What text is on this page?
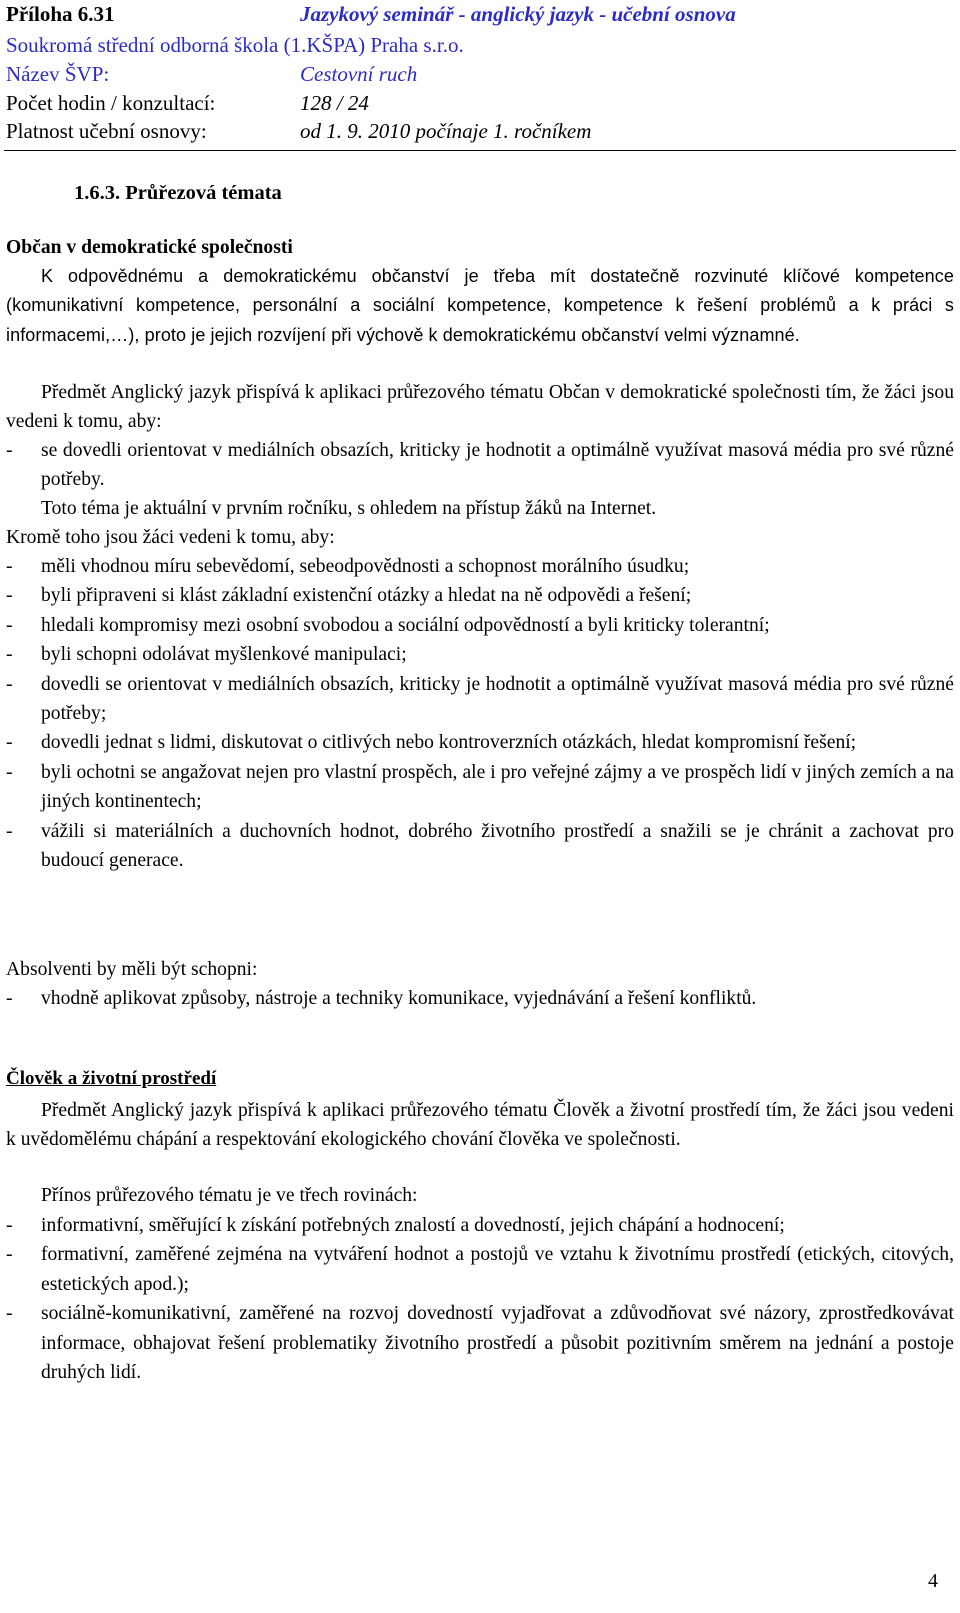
Příloha 6.31	Jazykový seminář - anglický jazyk - učební osnova
Soukromá střední odborná škola (1.KŠPA) Praha s.r.o.
Název ŠVP:	Cestovní ruch
Počet hodin / konzultací:	128 / 24
Platnost učební osnovy:	od 1. 9. 2010 počínaje 1. ročníkem
1.6.3. Průřezová témata
Občan v demokratické společnosti
K odpovědnému a demokratickému občanství je třeba mít dostatečně rozvinuté klíčové kompetence (komunikativní kompetence, personální a sociální kompetence, kompetence k řešení problémů a k práci s informacemi,…), proto je jejich rozvíjení při výchově k demokratickému občanství velmi významné.
Předmět Anglický jazyk přispívá k aplikaci průřezového tématu Občan v demokratické společnosti tím, že žáci jsou vedeni k tomu, aby:
- se dovedli orientovat v mediálních obsazích, kriticky je hodnotit a optimálně využívat masová média pro své různé potřeby.
Toto téma je aktuální v prvním ročníku, s ohledem na přístup žáků na Internet.
Kromě toho jsou žáci vedeni k tomu, aby:
- měli vhodnou míru sebevědomí, sebeodpovědnosti a schopnost morálního úsudku;
- byli připraveni si klást základní existenční otázky a hledat na ně odpovědi a řešení;
- hledali kompromisy mezi osobní svobodou a sociální odpovědností a byli kriticky tolerantní;
- byli schopni odolávat myšlenkové manipulaci;
- dovedli se orientovat v mediálních obsazích, kriticky je hodnotit a optimálně využívat masová média pro své různé potřeby;
- dovedli jednat s lidmi, diskutovat o citlivých nebo kontroverzních otázkách, hledat kompromisní řešení;
- byli ochotni se angažovat nejen pro vlastní prospěch, ale i pro veřejné zájmy a ve prospěch lidí v jiných zemích a na jiných kontinentech;
- vážili si materiálních a duchovních hodnot, dobrého životního prostředí a snažili se je chránit a zachovat pro budoucí generace.
Absolventi by měli být schopni:
- vhodně aplikovat způsoby, nástroje a techniky komunikace, vyjednávání a řešení konfliktů.
Člověk a životní prostředí
Předmět Anglický jazyk přispívá k aplikaci průřezového tématu Člověk a životní prostředí tím, že žáci jsou vedeni k uvědomělému chápání a respektování ekologického chování člověka ve společnosti.
Přínos průřezového tématu je ve třech rovinách:
- informativní, směřující k získání potřebných znalostí a dovedností, jejich chápání a hodnocení;
- formativní, zaměřené zejména na vytváření hodnot a postojů ve vztahu k životnímu prostředí (etických, citových, estetických apod.);
- sociálně-komunikativní, zaměřené na rozvoj dovedností vyjadřovat a zdůvodňovat své názory, zprostředkovávat informace, obhajovat řešení problematiky životního prostředí a působit pozitivním směrem na jednání a postoje druhých lidí.
4
